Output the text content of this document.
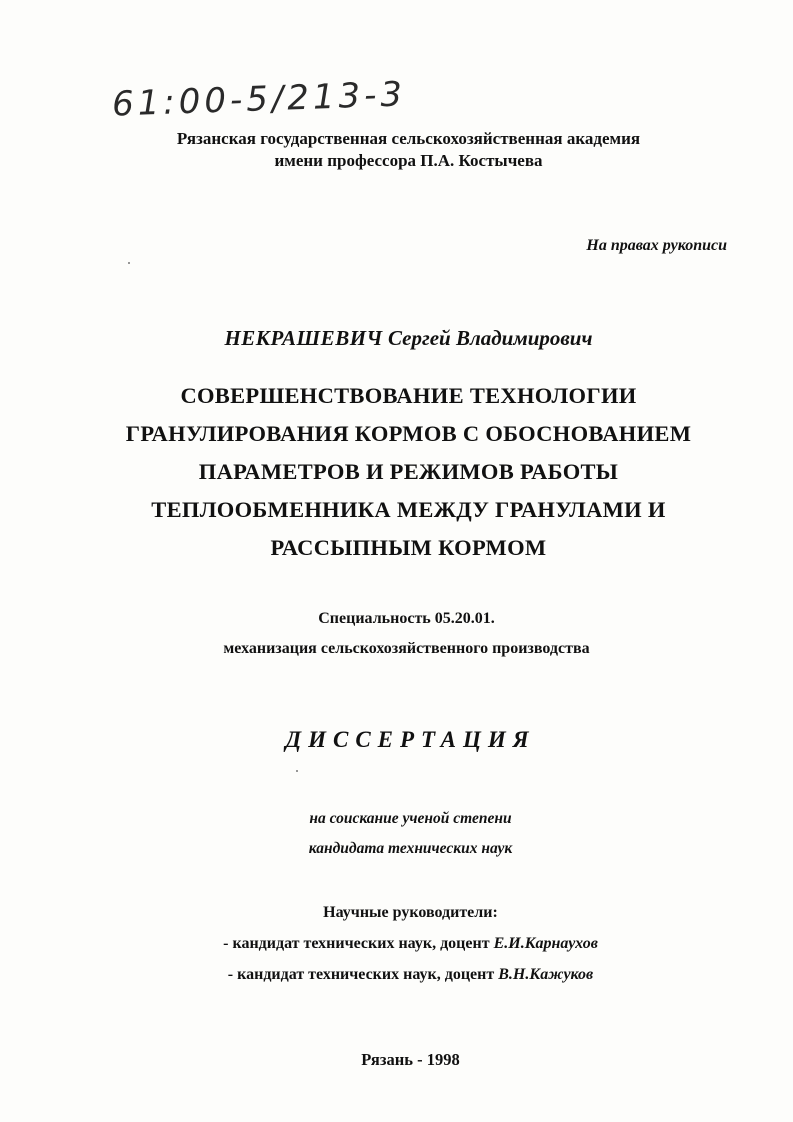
61:00-5/213-3
Рязанская государственная сельскохозяйственная академия
имени профессора П.А. Костычева
На правах рукописи
НЕКРАШЕВИЧ Сергей Владимирович
СОВЕРШЕНСТВОВАНИЕ ТЕХНОЛОГИИ
ГРАНУЛИРОВАНИЯ КОРМОВ С ОБОСНОВАНИЕМ
ПАРАМЕТРОВ И РЕЖИМОВ РАБОТЫ
ТЕПЛООБМЕННИКА МЕЖДУ ГРАНУЛАМИ И
РАССЫПНЫМ КОРМОМ
Специальность 05.20.01.
механизация сельскохозяйственного производства
ДИССЕРТАЦИЯ
на соискание ученой степени
кандидата технических наук
Научные руководители:
- кандидат технических наук, доцент Е.И.Карнаухов
- кандидат технических наук, доцент В.Н.Кажуков
Рязань - 1998
